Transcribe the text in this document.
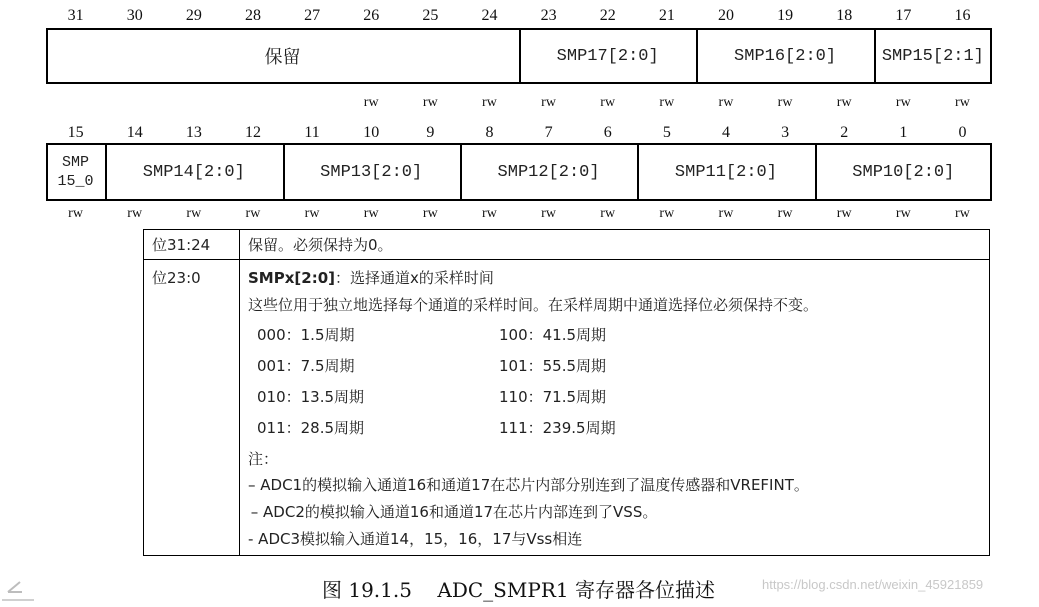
31	30	29	28	27	26	25	24	23	22	21	20	19	18	17	16
保留	SMP17[2:0]	SMP16[2:0]	SMP15[2:1]
rw	rw	rw	rw	rw	rw	rw	rw	rw	rw	rw
15	14	13	12	11	10	9	8	7	6	5	4	3	2	1	0
SMP
15_0	SMP14[2:0]	SMP13[2:0]	SMP12[2:0]	SMP11[2:0]	SMP10[2:0]
rw	rw	rw	rw	rw	rw	rw	rw	rw	rw	rw	rw	rw	rw	rw	rw
位31:24	保留。必须保持为0。
位23:0	SMPx[2:0]：选择通道x的采样时间
这些位用于独立地选择每个通道的采样时间。在采样周期中通道选择位必须保持不变。
000：1.5周期
001：7.5周期
010：13.5周期
011：28.5周期
100：41.5周期
101：55.5周期
110：71.5周期
111：239.5周期
注：
– ADC1的模拟输入通道16和通道17在芯片内部分别连到了温度传感器和VREFINT。
– ADC2的模拟输入通道16和通道17在芯片内部连到了VSS。
- ADC3模拟输入通道14，15，16，17与Vss相连
图 19.1.5    ADC_SMPR1 寄存器各位描述	https://blog.csdn.net/weixin_45921859
